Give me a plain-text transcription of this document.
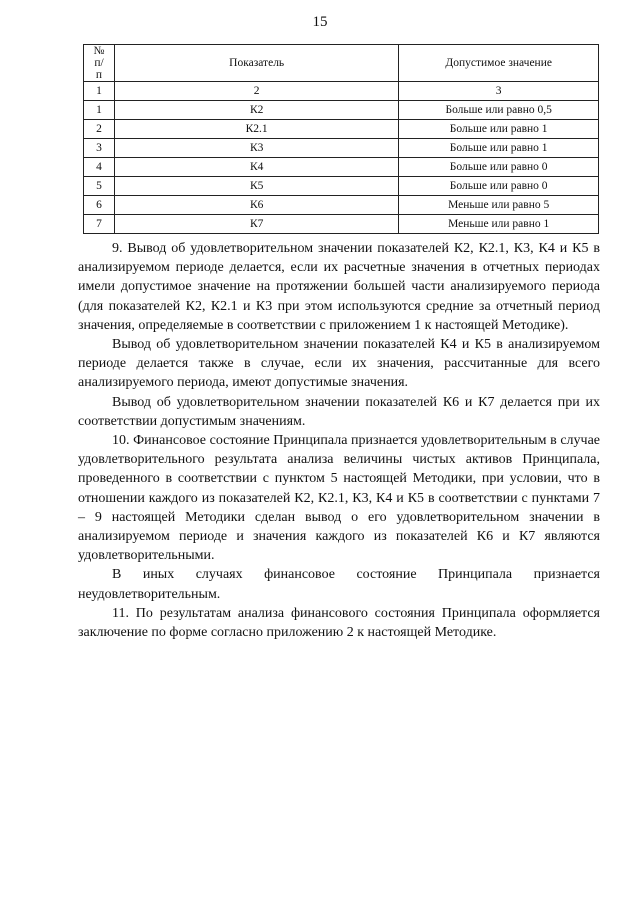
15
№ п/п	Показатель	Допустимое значение
1	2	3
1	К2	Больше или равно 0,5
2	К2.1	Больше или равно 1
3	К3	Больше или равно 1
4	К4	Больше или равно 0
5	К5	Больше или равно 0
6	К6	Меньше или равно 5
7	К7	Меньше или равно 1

9. Вывод об удовлетворительном значении показателей К2, К2.1, К3, К4 и К5 в анализируемом периоде делается, если их расчетные значения в отчетных периодах имели допустимое значение на протяжении большей части анализируемого периода (для показателей К2, К2.1 и К3 при этом используются средние за отчетный период значения, определяемые в соответствии с приложением 1 к настоящей Методике).

Вывод об удовлетворительном значении показателей К4 и К5 в анализируемом периоде делается также в случае, если их значения, рассчитанные для всего анализируемого периода, имеют допустимые значения.

Вывод об удовлетворительном значении показателей К6 и К7 делается при их соответствии допустимым значениям.

10. Финансовое состояние Принципала признается удовлетворительным в случае удовлетворительного результата анализа величины чистых активов Принципала, проведенного в соответствии с пунктом 5 настоящей Методики, при условии, что в отношении каждого из показателей К2, К2.1, К3, К4 и К5 в соответствии с пунктами 7 – 9 настоящей Методики сделан вывод о его удовлетворительном значении в анализируемом периоде и значения каждого из показателей К6 и К7 являются удовлетворительными.

В иных случаях финансовое состояние Принципала признается неудовлетворительным.

11. По результатам анализа финансового состояния Принципала оформляется заключение по форме согласно приложению 2 к настоящей Методике.
